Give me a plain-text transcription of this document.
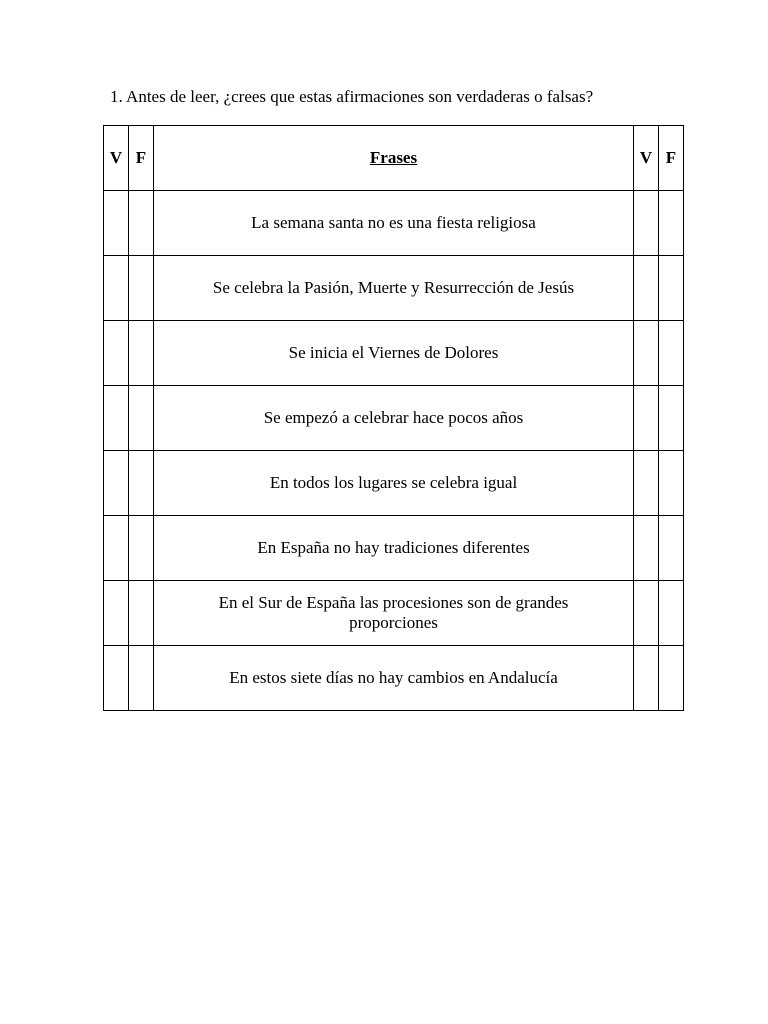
1. Antes de leer, ¿crees que estas afirmaciones son verdaderas o falsas?
V	F	Frases	V	F

		La semana santa no es una fiesta religiosa		

		Se celebra la Pasión, Muerte y Resurrección de Jesús		

		Se inicia el Viernes de Dolores		

		Se empezó a celebrar hace pocos años		

		En todos los lugares se celebra igual		

		En España no hay tradiciones diferentes		

		En el Sur de España las procesiones son de grandes proporciones		

		En estos siete días no hay cambios en Andalucía		
